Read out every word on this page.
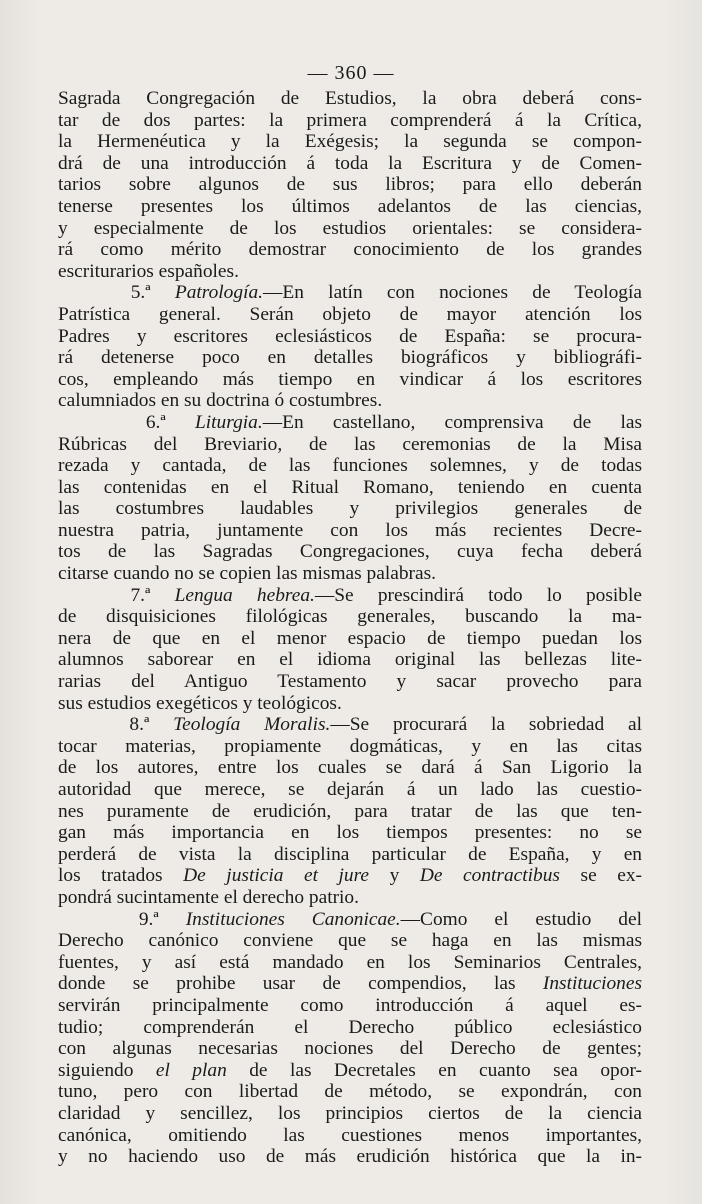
— 360 —
Sagrada Congregación de Estudios, la obra deberá cons-
tar de dos partes: la primera comprenderá á la Crítica,
la Hermenéutica y la Exégesis; la segunda se compon-
drá de una introducción á toda la Escritura y de Comen-
tarios sobre algunos de sus libros; para ello deberán
tenerse presentes los últimos adelantos de las ciencias,
y especialmente de los estudios orientales: se considera-
rá como mérito demostrar conocimiento de los grandes
escriturarios españoles.
5.ª Patrología.—En latín con nociones de Teología
Patrística general. Serán objeto de mayor atención los
Padres y escritores eclesiásticos de España: se procura-
rá detenerse poco en detalles biográficos y bibliográfi-
cos, empleando más tiempo en vindicar á los escritores
calumniados en su doctrina ó costumbres.
6.ª Liturgia.—En castellano, comprensiva de las
Rúbricas del Breviario, de las ceremonias de la Misa
rezada y cantada, de las funciones solemnes, y de todas
las contenidas en el Ritual Romano, teniendo en cuenta
las costumbres laudables y privilegios generales de
nuestra patria, juntamente con los más recientes Decre-
tos de las Sagradas Congregaciones, cuya fecha deberá
citarse cuando no se copien las mismas palabras.
7.ª Lengua hebrea.—Se prescindirá todo lo posible
de disquisiciones filológicas generales, buscando la ma-
nera de que en el menor espacio de tiempo puedan los
alumnos saborear en el idioma original las bellezas lite-
rarias del Antiguo Testamento y sacar provecho para
sus estudios exegéticos y teológicos.
8.ª Teología Moralis.—Se procurará la sobriedad al
tocar materias, propiamente dogmáticas, y en las citas
de los autores, entre los cuales se dará á San Ligorio la
autoridad que merece, se dejarán á un lado las cuestio-
nes puramente de erudición, para tratar de las que ten-
gan más importancia en los tiempos presentes: no se
perderá de vista la disciplina particular de España, y en
los tratados De justicia et jure y De contractibus se ex-
pondrá sucintamente el derecho patrio.
9.ª Instituciones Canonicae.—Como el estudio del
Derecho canónico conviene que se haga en las mismas
fuentes, y así está mandado en los Seminarios Centrales,
donde se prohibe usar de compendios, las Instituciones
servirán principalmente como introducción á aquel es-
tudio; comprenderán el Derecho público eclesiástico
con algunas necesarias nociones del Derecho de gentes;
siguiendo el plan de las Decretales en cuanto sea opor-
tuno, pero con libertad de método, se expondrán, con
claridad y sencillez, los principios ciertos de la ciencia
canónica, omitiendo las cuestiones menos importantes,
y no haciendo uso de más erudición histórica que la in-
